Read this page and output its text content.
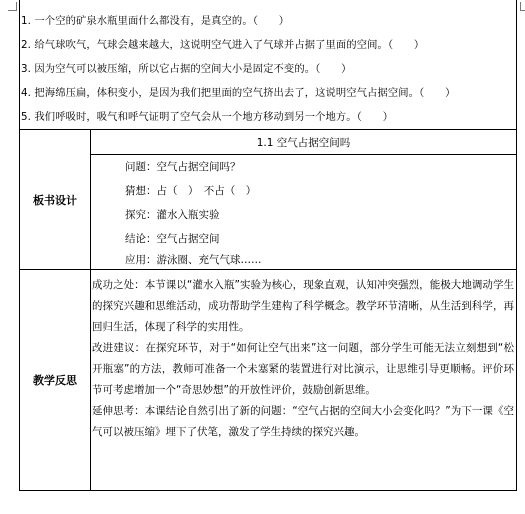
1. 一个空的矿泉水瓶里面什么都没有，是真空的。（　　）
2. 给气球吹气，气球会越来越大，这说明空气进入了气球并占据了里面的空间。（　　）
3. 因为空气可以被压缩，所以它占据的空间大小是固定不变的。（　　）
4. 把海绵压扁，体积变小，是因为我们把里面的空气挤出去了，这说明空气占据空间。（　　）
5. 我们呼吸时，吸气和呼气证明了空气会从一个地方移动到另一个地方。（　　）
板书设计
1.1 空气占据空间吗
问题：空气占据空间吗？
猜想：占（　）　不占（　）
探究：灌水入瓶实验
结论：空气占据空间
应用：游泳圈、充气气球……
教学反思

成功之处：本节课以“灌水入瓶”实验为核心，现象直观，认知冲突强烈，能极大地调动学生的探究兴趣和思维活动，成功帮助学生建构了科学概念。教学环节清晰，从生活到科学，再回归生活，体现了科学的实用性。

改进建议：在探究环节，对于“如何让空气出来”这一问题，部分学生可能无法立刻想到“松开瓶塞”的方法，教师可准备一个未塞紧的装置进行对比演示，让思维引导更顺畅。评价环节可考虑增加一个“奇思妙想”的开放性评价，鼓励创新思维。

延伸思考：本课结论自然引出了新的问题：“空气占据的空间大小会变化吗？”为下一课《空气可以被压缩》埋下了伏笔，激发了学生持续的探究兴趣。
